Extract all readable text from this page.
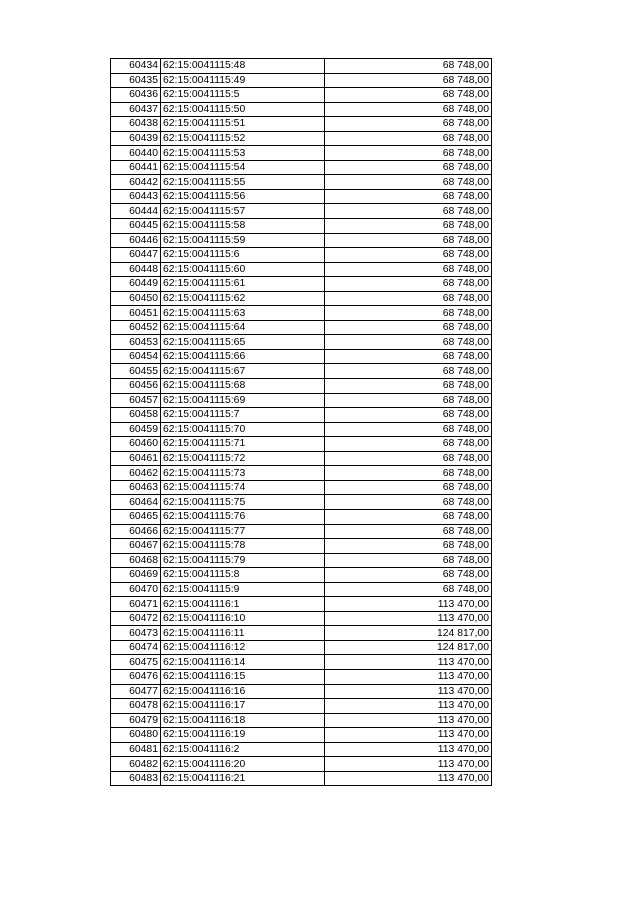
60434	62:15:0041115:48	68 748,00
60435	62:15:0041115:49	68 748,00
60436	62:15:0041115:5	68 748,00
60437	62:15:0041115:50	68 748,00
60438	62:15:0041115:51	68 748,00
60439	62:15:0041115:52	68 748,00
60440	62:15:0041115:53	68 748,00
60441	62:15:0041115:54	68 748,00
60442	62:15:0041115:55	68 748,00
60443	62:15:0041115:56	68 748,00
60444	62:15:0041115:57	68 748,00
60445	62:15:0041115:58	68 748,00
60446	62:15:0041115:59	68 748,00
60447	62:15:0041115:6	68 748,00
60448	62:15:0041115:60	68 748,00
60449	62:15:0041115:61	68 748,00
60450	62:15:0041115:62	68 748,00
60451	62:15:0041115:63	68 748,00
60452	62:15:0041115:64	68 748,00
60453	62:15:0041115:65	68 748,00
60454	62:15:0041115:66	68 748,00
60455	62:15:0041115:67	68 748,00
60456	62:15:0041115:68	68 748,00
60457	62:15:0041115:69	68 748,00
60458	62:15:0041115:7	68 748,00
60459	62:15:0041115:70	68 748,00
60460	62:15:0041115:71	68 748,00
60461	62:15:0041115:72	68 748,00
60462	62:15:0041115:73	68 748,00
60463	62:15:0041115:74	68 748,00
60464	62:15:0041115:75	68 748,00
60465	62:15:0041115:76	68 748,00
60466	62:15:0041115:77	68 748,00
60467	62:15:0041115:78	68 748,00
60468	62:15:0041115:79	68 748,00
60469	62:15:0041115:8	68 748,00
60470	62:15:0041115:9	68 748,00
60471	62:15:0041116:1	113 470,00
60472	62:15:0041116:10	113 470,00
60473	62:15:0041116:11	124 817,00
60474	62:15:0041116:12	124 817,00
60475	62:15:0041116:14	113 470,00
60476	62:15:0041116:15	113 470,00
60477	62:15:0041116:16	113 470,00
60478	62:15:0041116:17	113 470,00
60479	62:15:0041116:18	113 470,00
60480	62:15:0041116:19	113 470,00
60481	62:15:0041116:2	113 470,00
60482	62:15:0041116:20	113 470,00
60483	62:15:0041116:21	113 470,00
